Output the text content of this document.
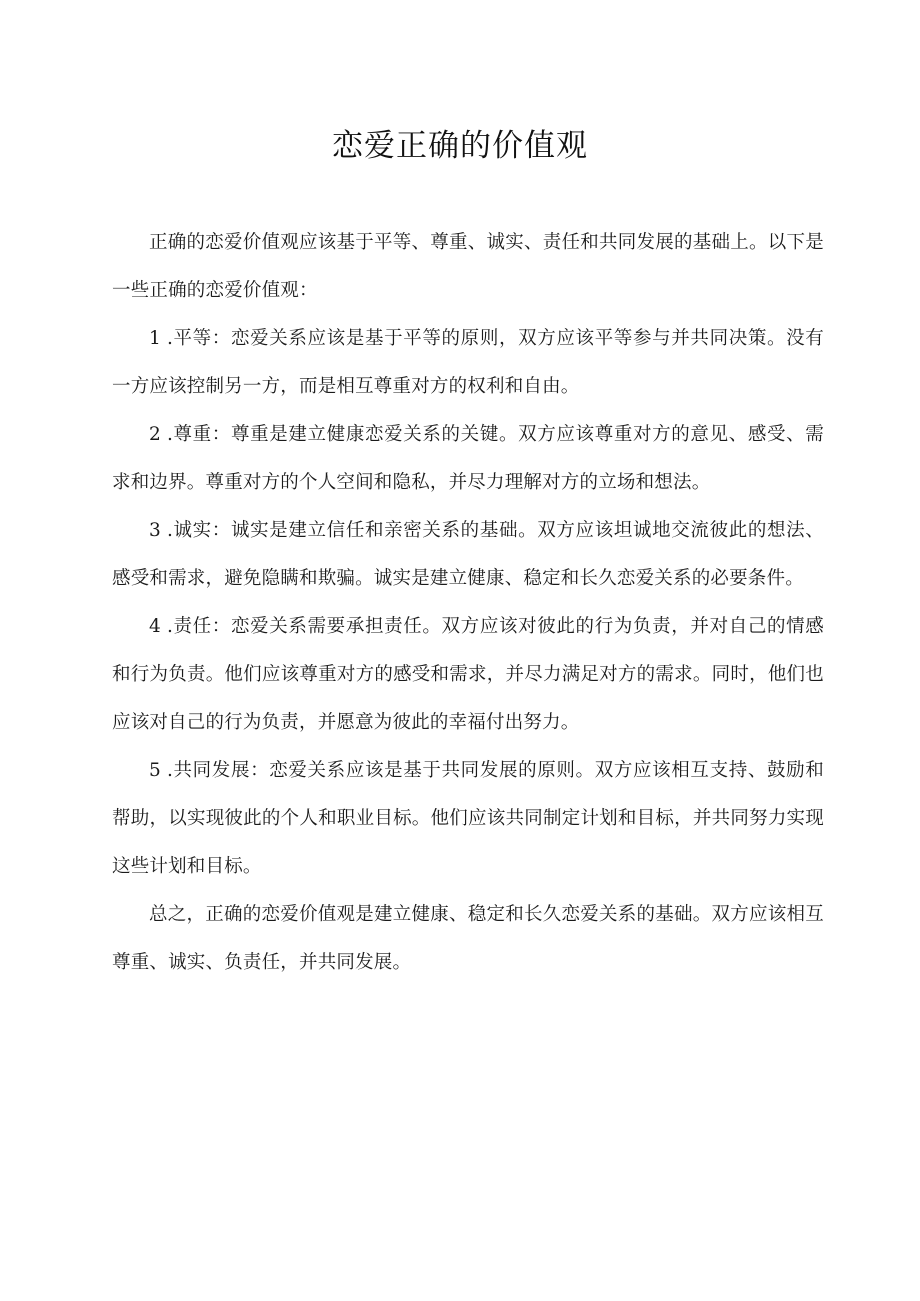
恋爱正确的价值观

正确的恋爱价值观应该基于平等、尊重、诚实、责任和共同发展的基础上。以下是一些正确的恋爱价值观：

1 .平等：恋爱关系应该是基于平等的原则，双方应该平等参与并共同决策。没有一方应该控制另一方，而是相互尊重对方的权利和自由。

2 .尊重：尊重是建立健康恋爱关系的关键。双方应该尊重对方的意见、感受、需求和边界。尊重对方的个人空间和隐私，并尽力理解对方的立场和想法。

3 .诚实：诚实是建立信任和亲密关系的基础。双方应该坦诚地交流彼此的想法、感受和需求，避免隐瞒和欺骗。诚实是建立健康、稳定和长久恋爱关系的必要条件。

4 .责任：恋爱关系需要承担责任。双方应该对彼此的行为负责，并对自己的情感和行为负责。他们应该尊重对方的感受和需求，并尽力满足对方的需求。同时，他们也应该对自己的行为负责，并愿意为彼此的幸福付出努力。

5 .共同发展：恋爱关系应该是基于共同发展的原则。双方应该相互支持、鼓励和帮助，以实现彼此的个人和职业目标。他们应该共同制定计划和目标，并共同努力实现这些计划和目标。

总之，正确的恋爱价值观是建立健康、稳定和长久恋爱关系的基础。双方应该相互尊重、诚实、负责任，并共同发展。
